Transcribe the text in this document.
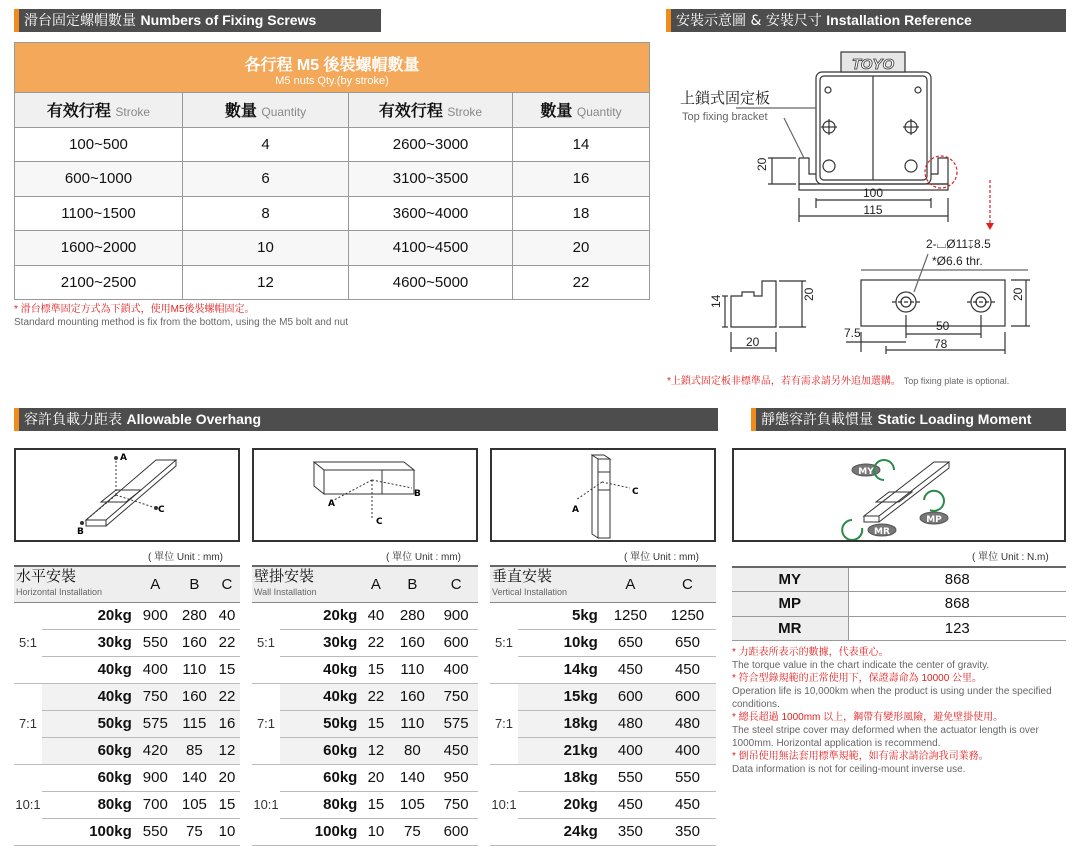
滑台固定螺帽數量 Numbers of Fixing Screws	安裝示意圖 & 安裝尺寸 Installation Reference
容許負載力距表 Allowable Overhang	靜態容許負載慣量 Static Loading Moment
各行程 M5 後裝螺帽數量
M5 nuts Qty.(by stroke)			

有效行程 Stroke	數量 Quantity	有效行程 Stroke	數量 Quantity
100~500	4	2600~3000	14
600~1000	6	3100~3500	16
1100~1500	8	3600~4000	18
1600~2000	10	4100~4500	20
2100~2500	12	4600~5000	22
* 滑台標準固定方式為下鎖式，使用M5後裝螺帽固定。
Standard mounting method is fix from the bottom, using the M5 bolt and nut
TOYO
上鎖式固定板
Top fixing bracket
20
100
115
2-⌴Ø11↧8.5
*Ø6.6 thr.
14
20
20
7.5	50
78
20
*上鎖式固定板非標準品，若有需求請另外追加選購。 Top fixing plate is optional.
A
C
B
A
B
C
A
C
MY
MP
MR
( 單位 Unit : mm)	( 單位 Unit : mm)	( 單位 Unit : mm)	( 單位 Unit : N.m)
水平安裝
Horizontal Installation		A	B	C
5:1	20kg	900	280	40
	30kg	550	160	22
	40kg	400	110	15
7:1	40kg	750	160	22
	50kg	575	115	16
	60kg	420	85	12
10:1	60kg	900	140	20
	80kg	700	105	15
	100kg	550	75	10
壁掛安裝
Wall Installation		A	B	C
5:1	20kg	40	280	900
	30kg	22	160	600
	40kg	15	110	400
7:1	40kg	22	160	750
	50kg	15	110	575
	60kg	12	80	450
10:1	60kg	20	140	950
	80kg	15	105	750
	100kg	10	75	600
垂直安裝
Vertical Installation		A	C
5:1	5kg	1250	1250
	10kg	650	650
	14kg	450	450
7:1	15kg	600	600
	18kg	480	480
	21kg	400	400
10:1	18kg	550	550
	20kg	450	450
	24kg	350	350
MY	868
MP	868
MR	123
* 力距表所表示的數據，代表重心。
The torque value in the chart indicate the center of gravity.
* 符合型錄規範的正常使用下，保證壽命為 10000 公里。
Operation life is 10,000km when the product is using under the specified conditions.
* 總長超過 1000mm 以上，鋼帶有變形風險，避免壁掛使用。
The steel stripe cover may deformed when the actuator length is over 1000mm. Horizontal application is recommend.
* 倒吊使用無法套用標準規範，如有需求請洽詢我司業務。
Data information is not for ceiling-mount inverse use.
